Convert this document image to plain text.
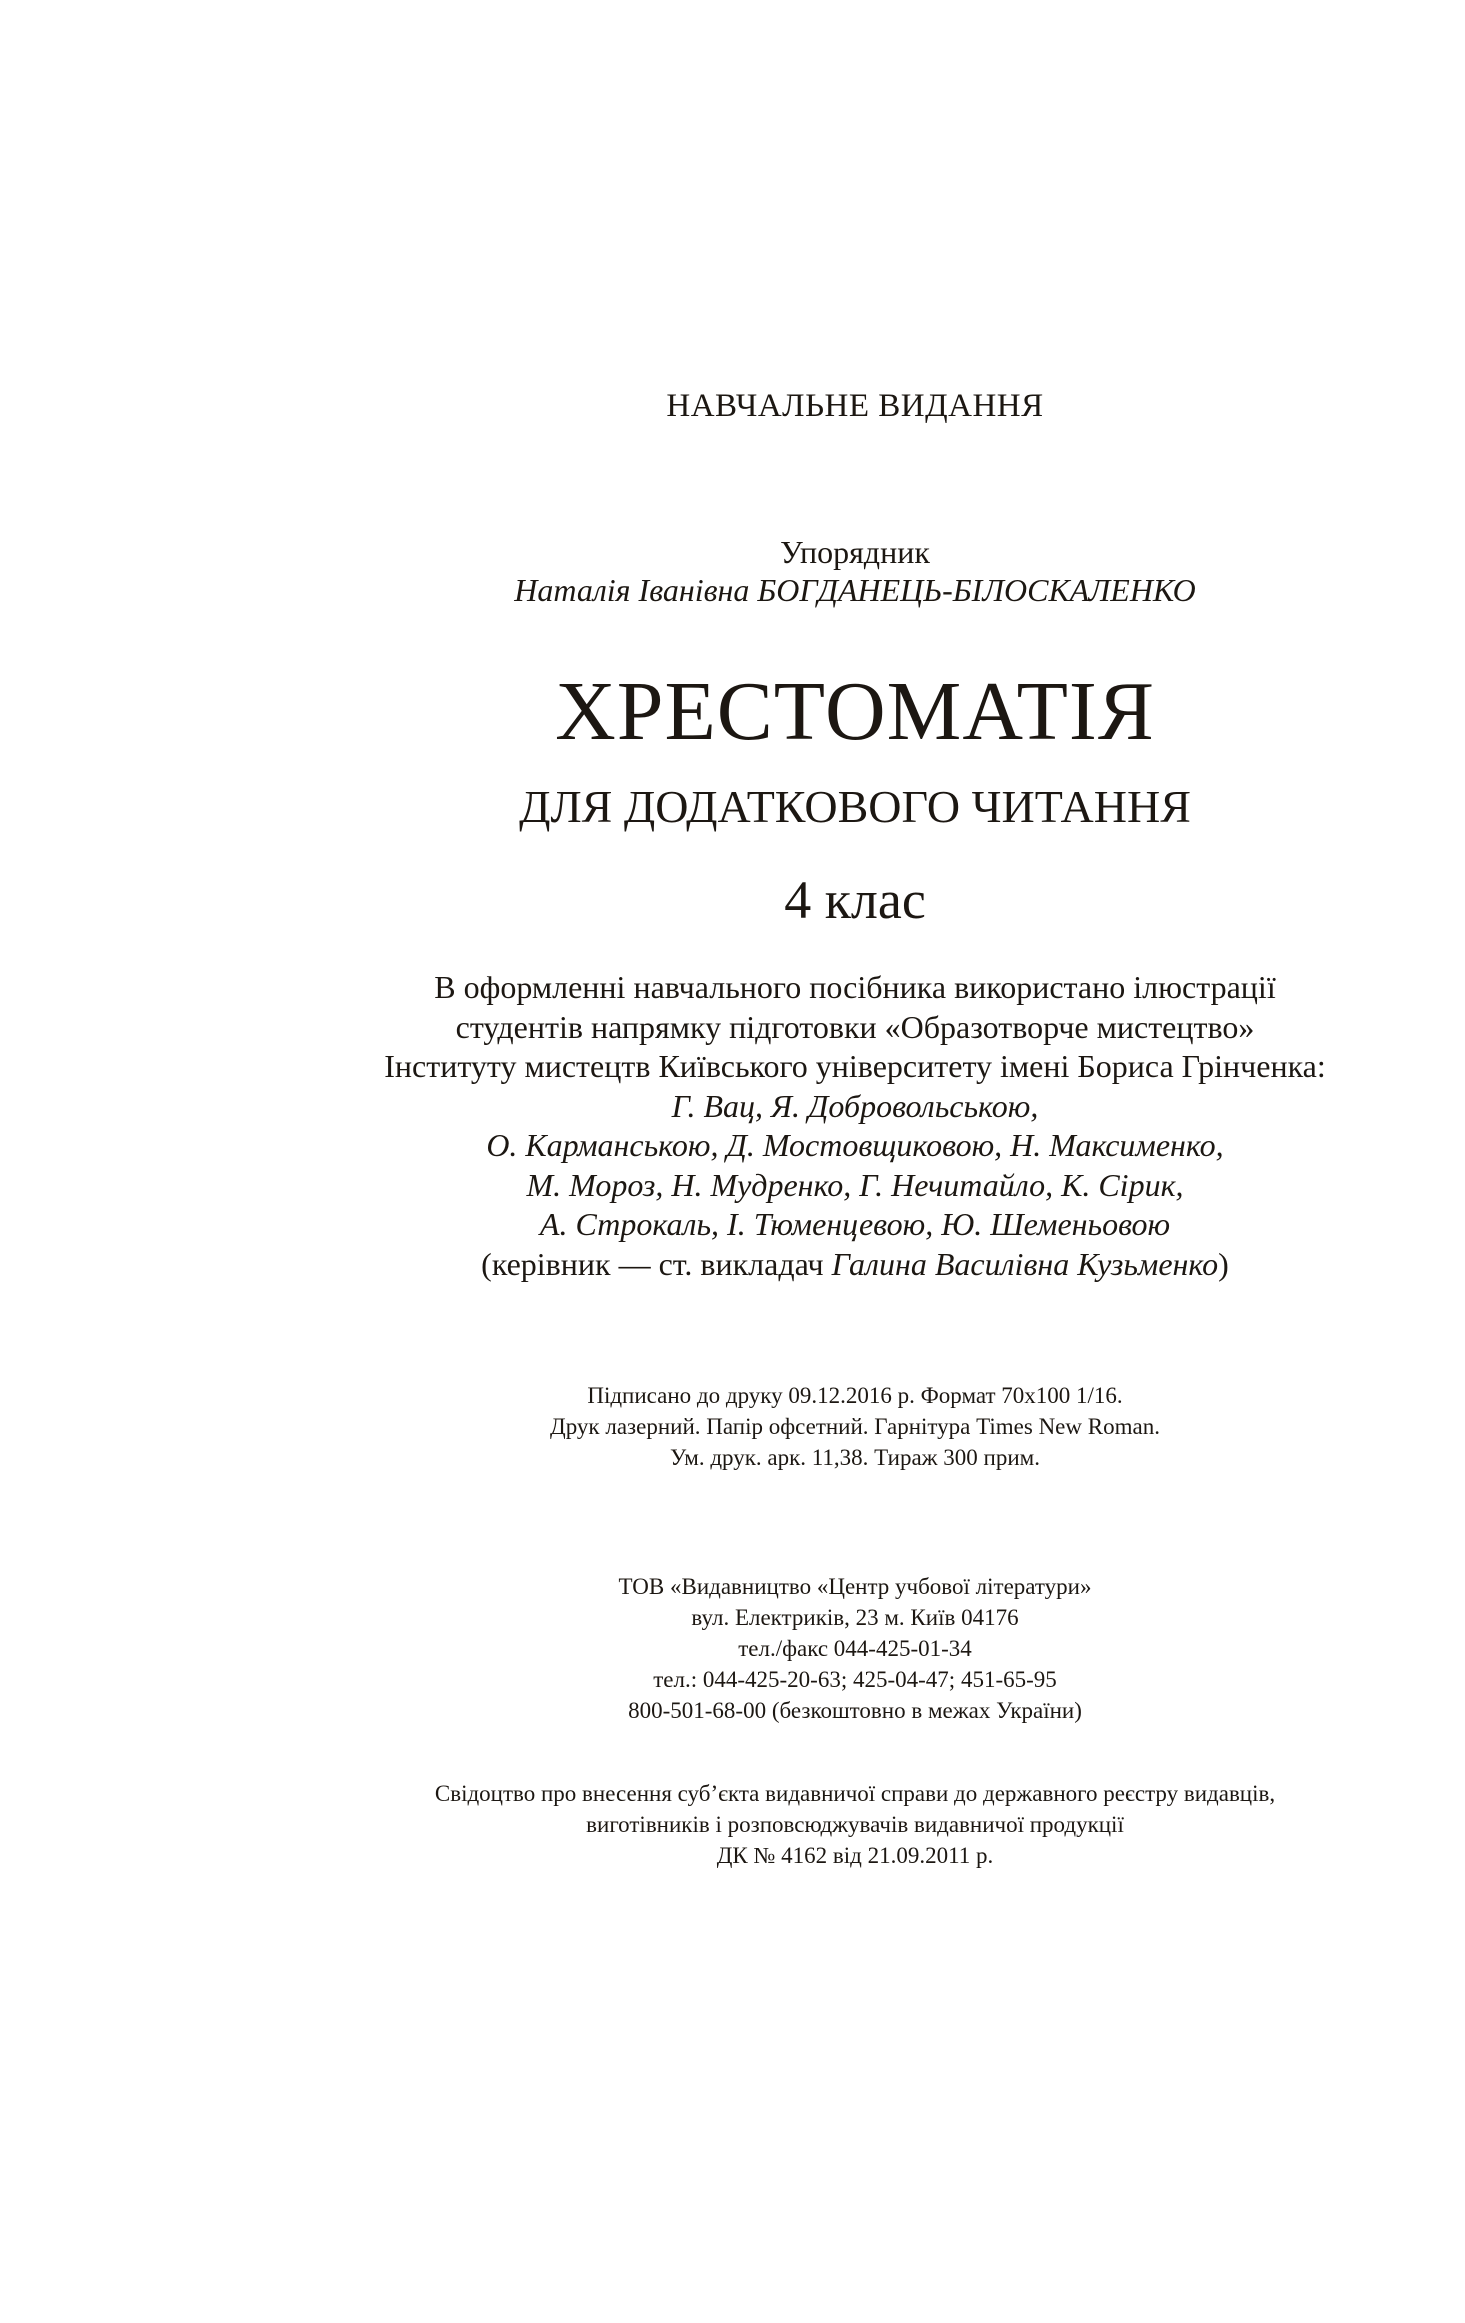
НАВЧАЛЬНЕ ВИДАННЯ
Упорядник
Наталія Іванівна БОГДАНЕЦЬ-БІЛОСКАЛЕНКО
ХРЕСТОМАТІЯ
ДЛЯ ДОДАТКОВОГО ЧИТАННЯ
4 клас
В оформленні навчального посібника використано ілюстрації
студентів напрямку підготовки «Образотворче мистецтво»
Інституту мистецтв Київського університету імені Бориса Грінченка:
Г. Вац, Я. Добровольською,
О. Карманською, Д. Мостовщиковою, Н. Максименко,
М. Мороз, Н. Мудренко, Г. Нечитайло, К. Сірик,
А. Строкаль, І. Тюменцевою, Ю. Шеменьовою
(керівник — ст. викладач Галина Василівна Кузьменко)
Підписано до друку 09.12.2016 р. Формат 70х100 1/16.
Друк лазерний. Папір офсетний. Гарнітура Times New Roman.
Ум. друк. арк. 11,38. Тираж 300 прим.
ТОВ «Видавництво «Центр учбової літератури»
вул. Електриків, 23 м. Київ 04176
тел./факс 044-425-01-34
тел.: 044-425-20-63; 425-04-47; 451-65-95
800-501-68-00 (безкоштовно в межах України)
Свідоцтво про внесення суб’єкта видавничої справи до державного реєстру видавців,
виготівників і розповсюджувачів видавничої продукції
ДК № 4162 від 21.09.2011 р.
